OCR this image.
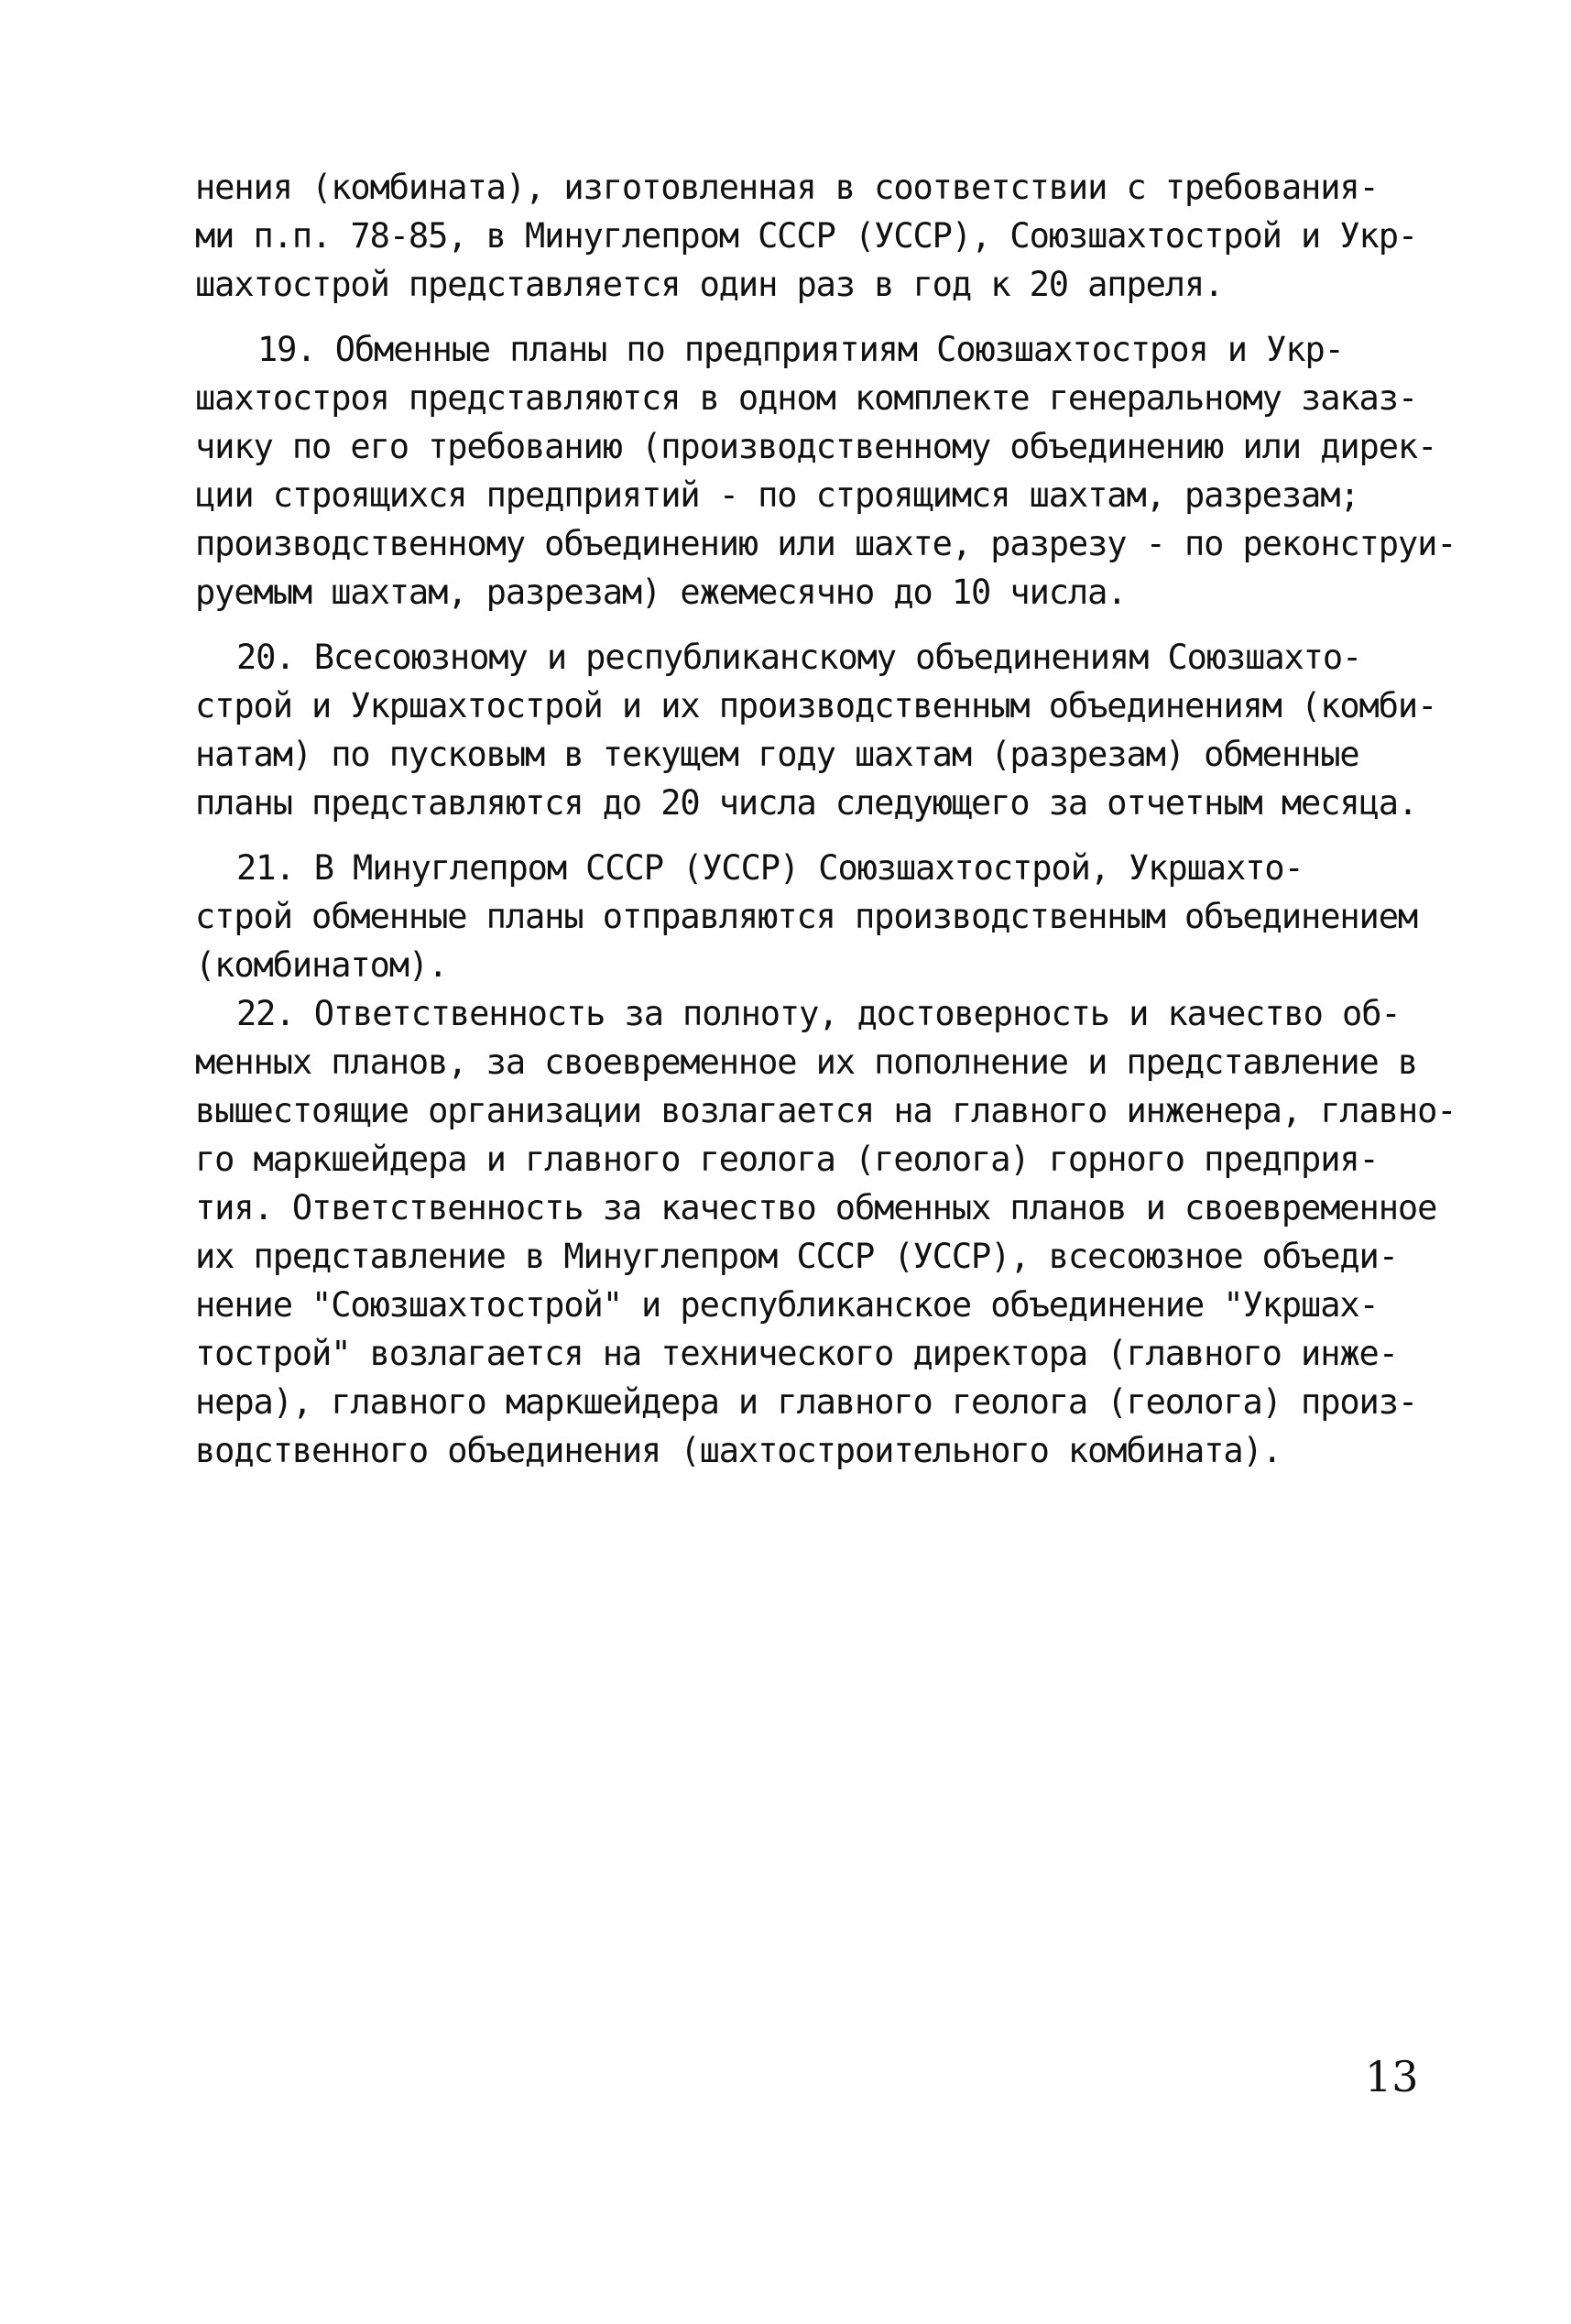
нения (комбината), изготовленная в соответствии с требования-
ми п.п. 78-85, в Минуглепром СССР (УССР), Союзшахтострой и Укр-
шахтострой представляется один раз в год к 20 апреля.
19. Обменные планы по предприятиям Союзшахтостроя и Укр-
шахтостроя представляются в одном комплекте генеральному заказ-
чику по его требованию (производственному объединению или дирек-
ции строящихся предприятий - по строящимся шахтам, разрезам;
производственному объединению или шахте, разрезу - по реконструи-
руемым шахтам, разрезам) ежемесячно до 10 числа.
20. Всесоюзному и республиканскому объединениям Союзшахто-
строй и Укршахтострой и их производственным объединениям (комби-
натам) по пусковым в текущем году шахтам (разрезам) обменные
планы представляются до 20 числа следующего за отчетным месяца.
21. В Минуглепром СССР (УССР) Союзшахтострой, Укршахто-
строй обменные планы отправляются производственным объединением
(комбинатом).
22. Ответственность за полноту, достоверность и качество об-
менных планов, за своевременное их пополнение и представление в
вышестоящие организации возлагается на главного инженера, главно-
го маркшейдера и главного геолога (геолога) горного предприя-
тия. Ответственность за качество обменных планов и своевременное
их представление в Минуглепром СССР (УССР), всесоюзное объеди-
нение "Союзшахтострой" и республиканское объединение "Укршах-
тострой" возлагается на технического директора (главного инже-
нера), главного маркшейдера и главного геолога (геолога) произ-
водственного объединения (шахтостроительного комбината).
13
